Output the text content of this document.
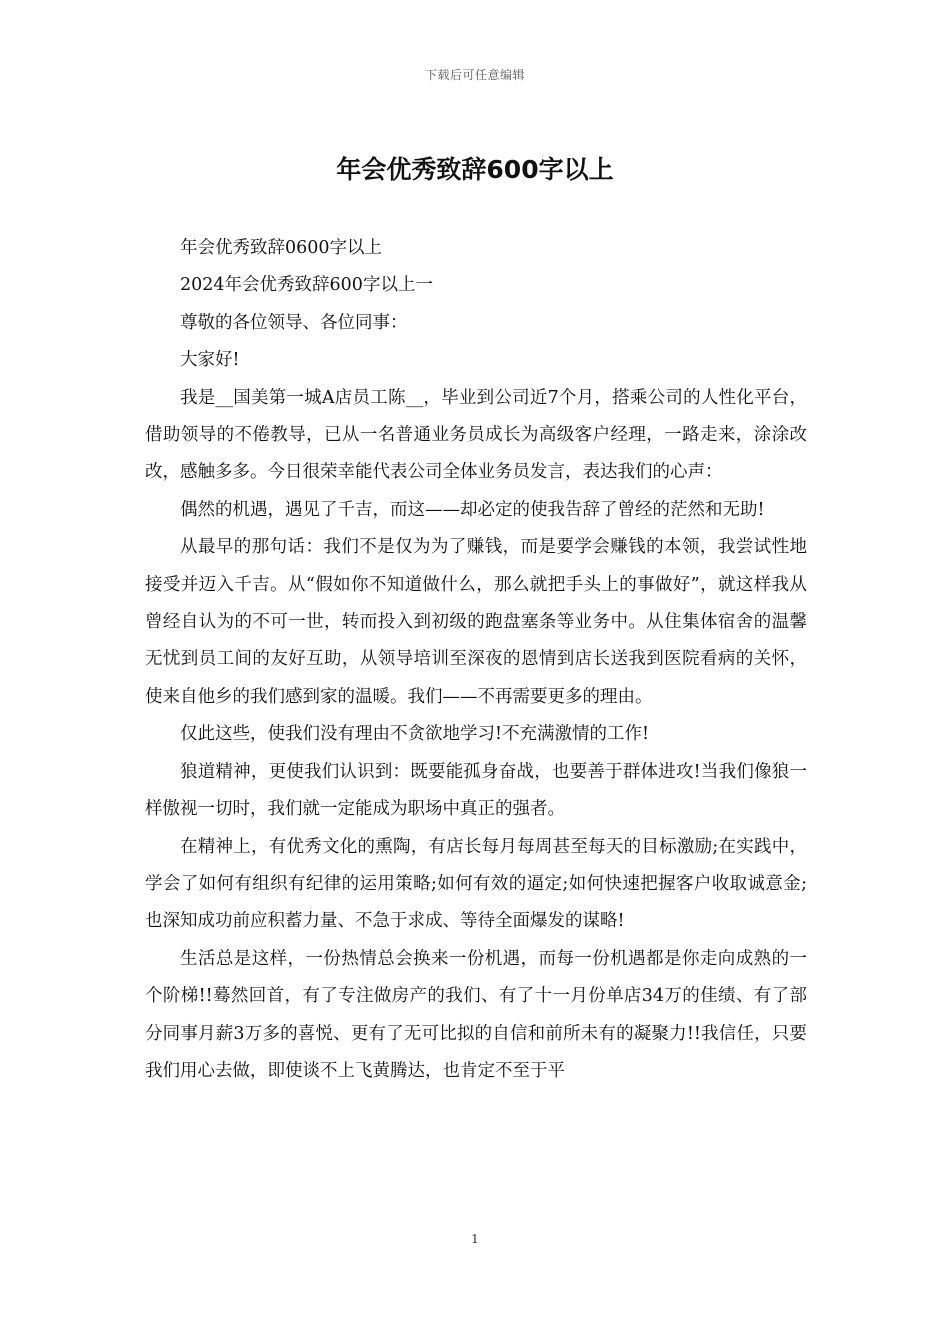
下载后可任意编辑
年会优秀致辞600字以上

年会优秀致辞0600字以上

2024年会优秀致辞600字以上一

尊敬的各位领导、各位同事：

大家好!

我是__国美第一城A店员工陈__，毕业到公司近7个月，搭乘公司的人性化平台，借助领导的不倦教导，已从一名普通业务员成长为高级客户经理，一路走来，涂涂改改，感触多多。今日很荣幸能代表公司全体业务员发言，表达我们的心声：

偶然的机遇，遇见了千吉，而这——却必定的使我告辞了曾经的茫然和无助!

从最早的那句话：我们不是仅为为了赚钱，而是要学会赚钱的本领，我尝试性地接受并迈入千吉。从“假如你不知道做什么，那么就把手头上的事做好”，就这样我从曾经自认为的不可一世，转而投入到初级的跑盘塞条等业务中。从住集体宿舍的温馨无忧到员工间的友好互助，从领导培训至深夜的恩情到店长送我到医院看病的关怀，使来自他乡的我们感到家的温暖。我们——不再需要更多的理由。

仅此这些，使我们没有理由不贪欲地学习!不充满激情的工作!

狼道精神，更使我们认识到：既要能孤身奋战，也要善于群体进攻!当我们像狼一样傲视一切时，我们就一定能成为职场中真正的强者。

在精神上，有优秀文化的熏陶，有店长每月每周甚至每天的目标激励;在实践中，学会了如何有组织有纪律的运用策略;如何有效的逼定;如何快速把握客户收取诚意金;也深知成功前应积蓄力量、不急于求成、等待全面爆发的谋略!

生活总是这样，一份热情总会换来一份机遇，而每一份机遇都是你走向成熟的一个阶梯!!蓦然回首，有了专注做房产的我们、有了十一月份单店34万的佳绩、有了部分同事月薪3万多的喜悦、更有了无可比拟的自信和前所未有的凝聚力!!我信任，只要我们用心去做，即使谈不上飞黄腾达，也肯定不至于平

1
